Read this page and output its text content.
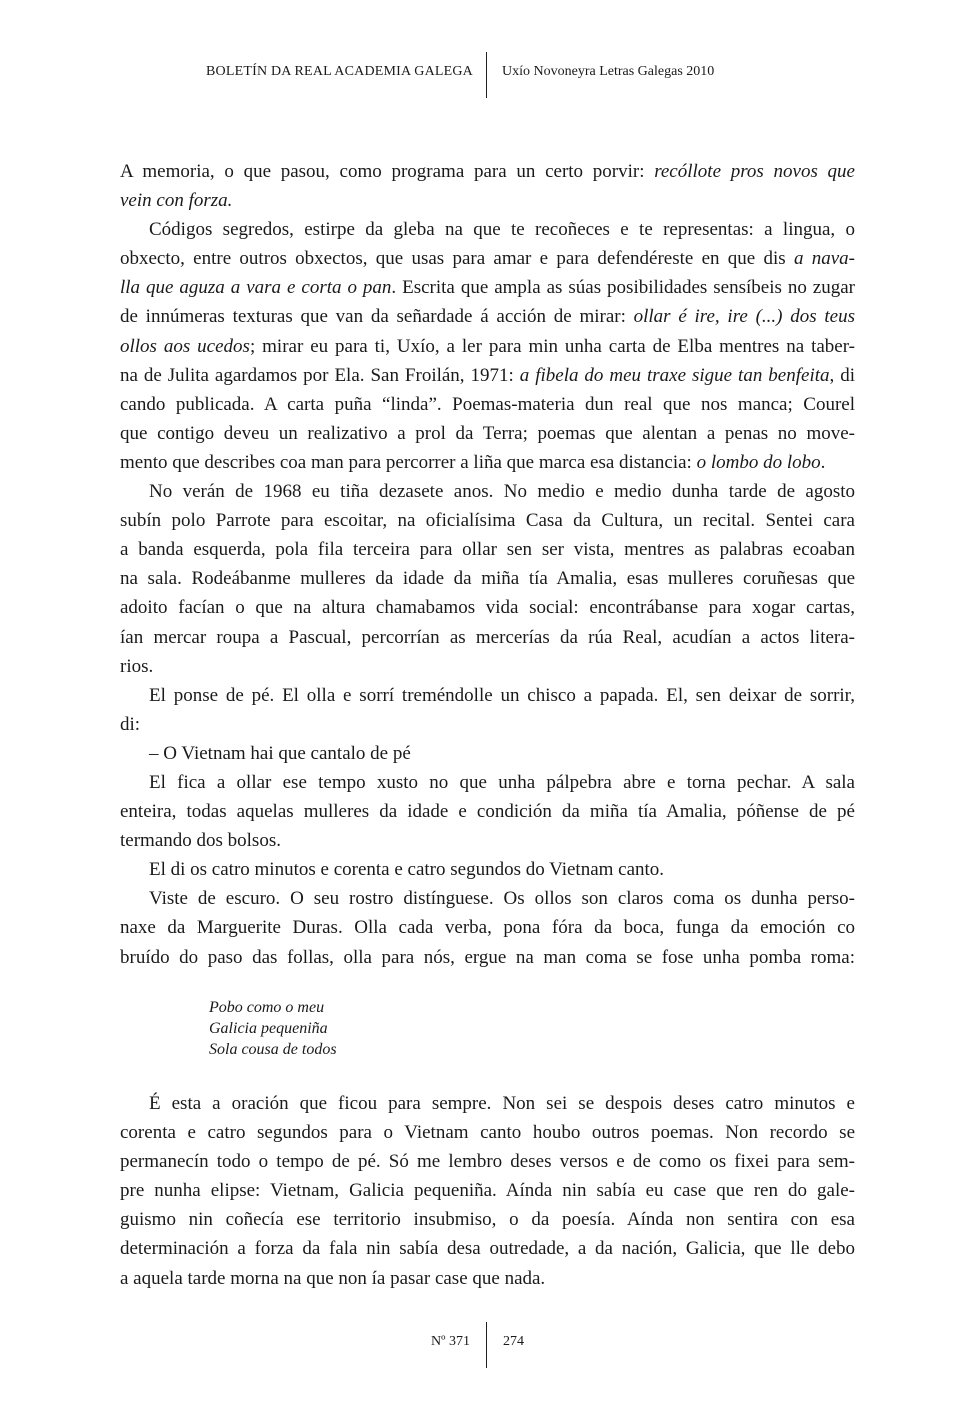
BOLETÍN DA REAL ACADEMIA GALEGA Uxío Novoneyra Letras Galegas 2010
A memoria, o que pasou, como programa para un certo porvir: recóllote pros novos que
vein con forza.
Códigos segredos, estirpe da gleba na que te recoñeces e te representas: a lingua, o
obxecto, entre outros obxectos, que usas para amar e para defendéreste en que dis a nava-
lla que aguza a vara e corta o pan. Escrita que ampla as súas posibilidades sensíbeis no zugar
de innúmeras texturas que van da señardade á acción de mirar: ollar é ire, ire (...) dos teus
ollos aos ucedos; mirar eu para ti, Uxío, a ler para min unha carta de Elba mentres na taber-
na de Julita agardamos por Ela. San Froilán, 1971: a fibela do meu traxe sigue tan benfeita, di
cando publicada. A carta puña “linda”. Poemas-materia dun real que nos manca; Courel
que contigo deveu un realizativo a prol da Terra; poemas que alentan a penas no move-
mento que describes coa man para percorrer a liña que marca esa distancia: o lombo do lobo.
No verán de 1968 eu tiña dezasete anos. No medio e medio dunha tarde de agosto
subín polo Parrote para escoitar, na oficialísima Casa da Cultura, un recital. Sentei cara
a banda esquerda, pola fila terceira para ollar sen ser vista, mentres as palabras ecoaban
na sala. Rodeábanme mulleres da idade da miña tía Amalia, esas mulleres coruñesas que
adoito facían o que na altura chamabamos vida social: encontrábanse para xogar cartas,
ían mercar roupa a Pascual, percorrían as mercerías da rúa Real, acudían a actos litera-
rios.
El ponse de pé. El olla e sorrí treméndolle un chisco a papada. El, sen deixar de sorrir,
di:
– O Vietnam hai que cantalo de pé
El fica a ollar ese tempo xusto no que unha pálpebra abre e torna pechar. A sala
enteira, todas aquelas mulleres da idade e condición da miña tía Amalia, póñense de pé
termando dos bolsos.
El di os catro minutos e corenta e catro segundos do Vietnam canto.
Viste de escuro. O seu rostro distínguese. Os ollos son claros coma os dunha perso-
naxe da Marguerite Duras. Olla cada verba, pona fóra da boca, funga da emoción co
bruído do paso das follas, olla para nós, ergue na man coma se fose unha pomba roma:
Pobo como o meu
Galicia pequeniña
Sola cousa de todos
É esta a oración que ficou para sempre. Non sei se despois deses catro minutos e
corenta e catro segundos para o Vietnam canto houbo outros poemas. Non recordo se
permanecín todo o tempo de pé. Só me lembro deses versos e de como os fixei para sem-
pre nunha elipse: Vietnam, Galicia pequeniña. Aínda nin sabía eu case que ren do gale-
guismo nin coñecía ese territorio insubmiso, o da poesía. Aínda non sentira con esa
determinación a forza da fala nin sabía desa outredade, a da nación, Galicia, que lle debo
a aquela tarde morna na que non ía pasar case que nada.
Nº 371 274
